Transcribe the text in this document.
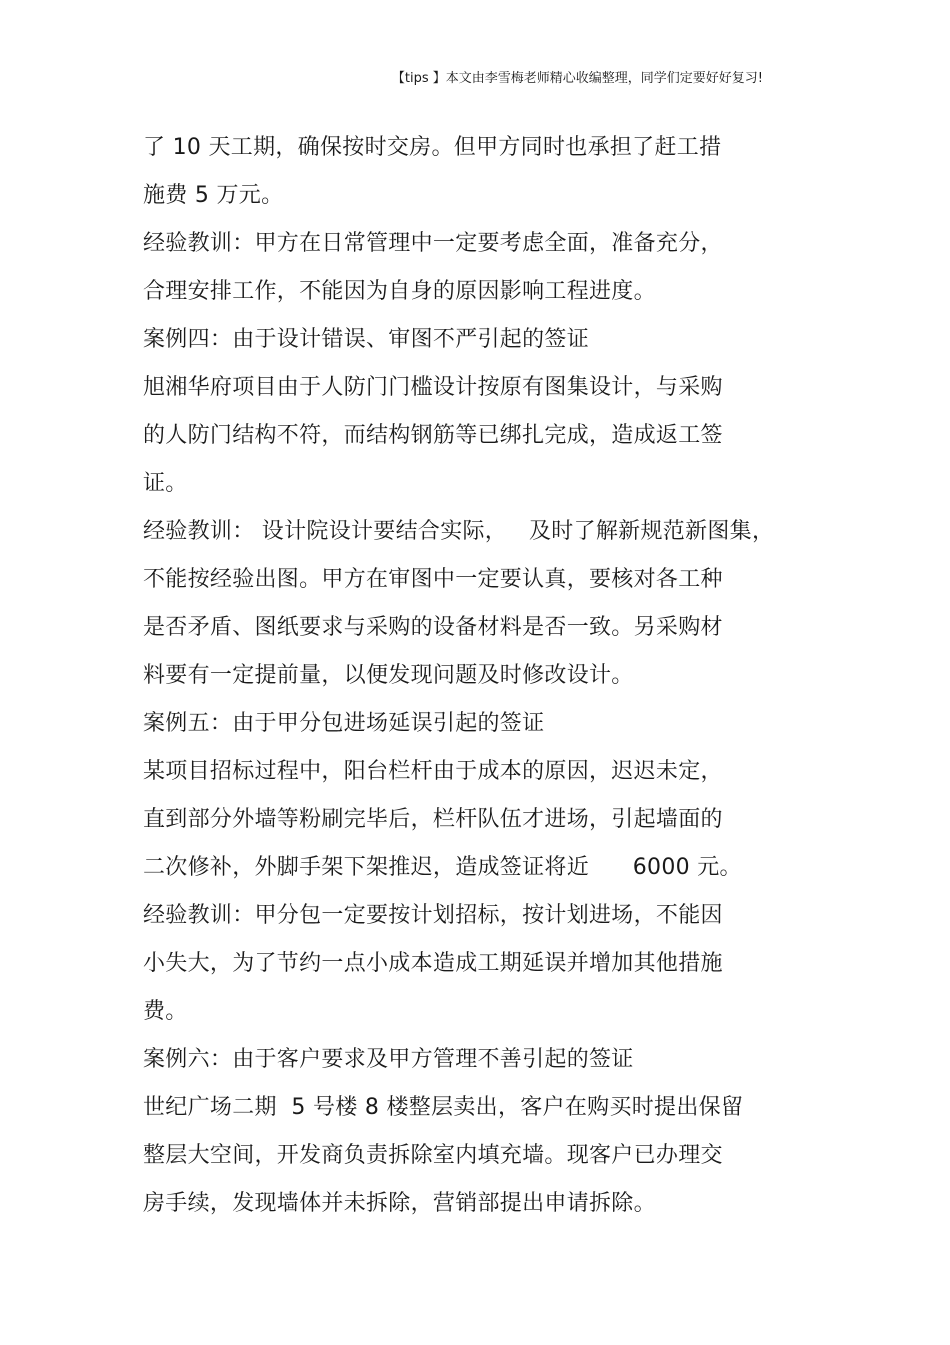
【tips 】本文由李雪梅老师精心收编整理，同学们定要好好复习!
了 10 天工期，确保按时交房。但甲方同时也承担了赶工措
施费 5 万元。
经验教训：甲方在日常管理中一定要考虑全面，准备充分，
合理安排工作，不能因为自身的原因影响工程进度。
案例四：由于设计错误、审图不严引起的签证
旭湘华府项目由于人防门门槛设计按原有图集设计，与采购
的人防门结构不符，而结构钢筋等已绑扎完成，造成返工签
证。
经验教训： 设计院设计要结合实际，   及时了解新规范新图集，
不能按经验出图。甲方在审图中一定要认真，要核对各工种
是否矛盾、图纸要求与采购的设备材料是否一致。另采购材
料要有一定提前量，以便发现问题及时修改设计。
案例五：由于甲分包进场延误引起的签证
某项目招标过程中，阳台栏杆由于成本的原因，迟迟未定，
直到部分外墙等粉刷完毕后，栏杆队伍才进场，引起墙面的
二次修补，外脚手架下架推迟，造成签证将近      6000 元。
经验教训：甲分包一定要按计划招标，按计划进场，不能因
小失大，为了节约一点小成本造成工期延误并增加其他措施
费。
案例六：由于客户要求及甲方管理不善引起的签证
世纪广场二期  5 号楼 8 楼整层卖出，客户在购买时提出保留
整层大空间，开发商负责拆除室内填充墙。现客户已办理交
房手续，发现墙体并未拆除，营销部提出申请拆除。
